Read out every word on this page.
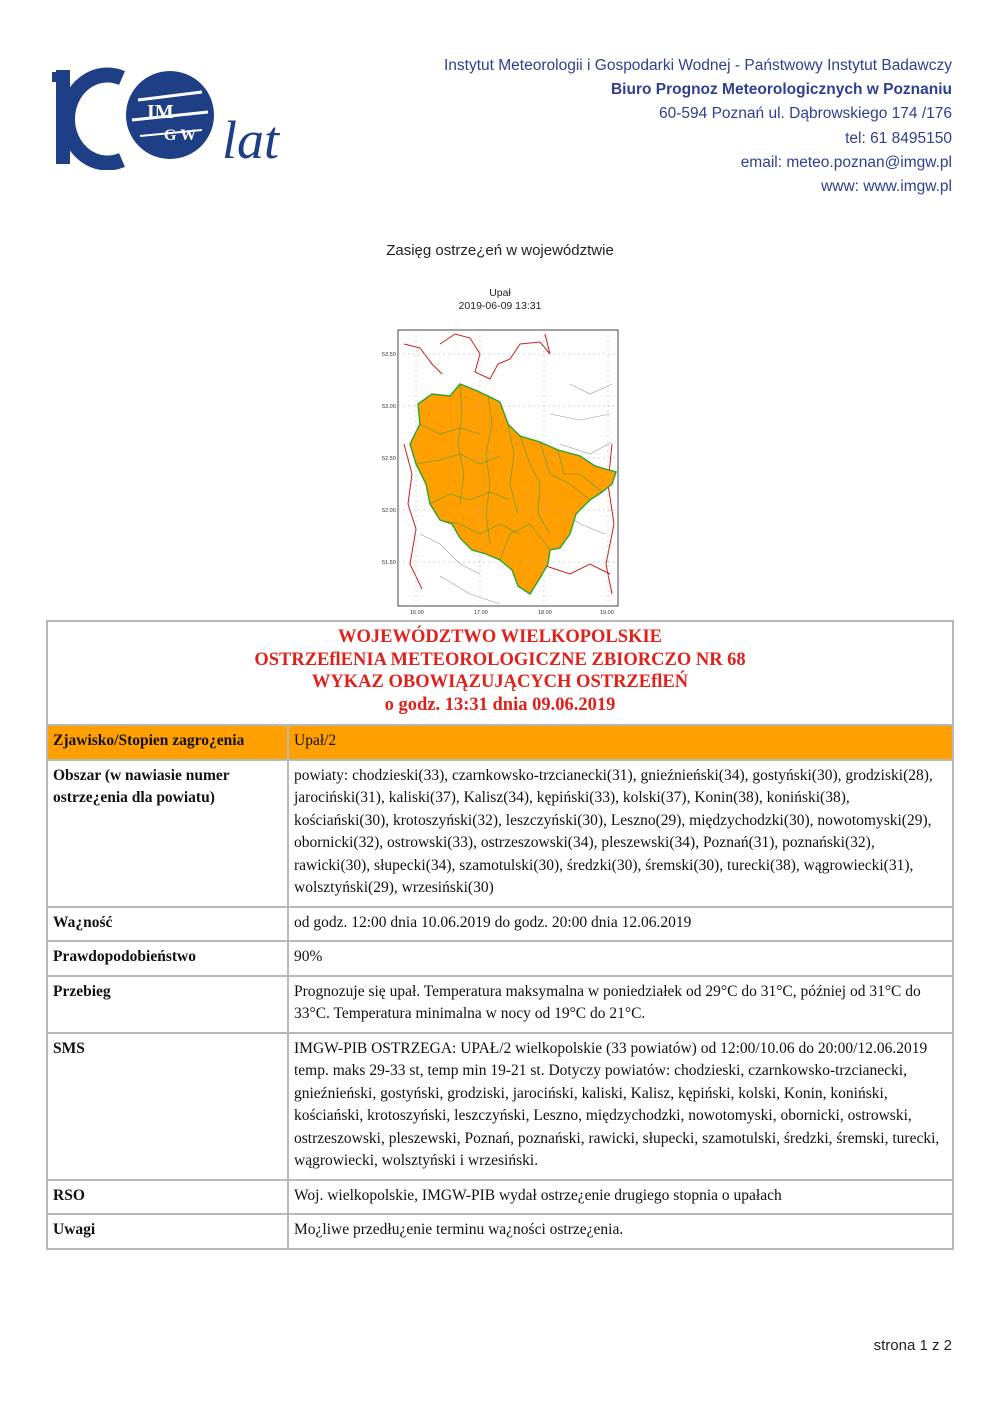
IM
G W lat
Instytut Meteorologii i Gospodarki Wodnej - Państwowy Instytut Badawczy
Biuro Prognoz Meteorologicznych w Poznaniu
60-594 Poznań ul. Dąbrowskiego 174 /176
tel: 61 8495150
email: meteo.poznan@imgw.pl
www: www.imgw.pl
Zasięg ostrze¿eń w województwie
Upał
2019-06-09 13:31
53.50
53.00
52.50
52.00
51.50
16.00	17.00	18.00	19.00
WOJEWÓDZTWO WIELKOPOLSKIE
OSTRZEflENIA METEOROLOGICZNE ZBIORCZO NR 68
WYKAZ OBOWIĄZUJĄCYCH OSTRZEflEŃ
o godz. 13:31 dnia 09.06.2019	

Zjawisko/Stopien zagro¿enia	Upał/2
Obszar (w nawiasie numer ostrze¿enia dla powiatu)	powiaty: chodzieski(33), czarnkowsko-trzcianecki(31), gnieźnieński(34), gostyński(30), grodziski(28), jarociński(31), kaliski(37), Kalisz(34), kępiński(33), kolski(37), Konin(38), koniński(38), kościański(30), krotoszyński(32), leszczyński(30), Leszno(29), międzychodzki(30), nowotomyski(29), obornicki(32), ostrowski(33), ostrzeszowski(34), pleszewski(34), Poznań(31), poznański(32), rawicki(30), słupecki(34), szamotulski(30), średzki(30), śremski(30), turecki(38), wągrowiecki(31), wolsztyński(29), wrzesiński(30)
Wa¿ność	od godz. 12:00 dnia 10.06.2019 do godz. 20:00 dnia 12.06.2019
Prawdopodobieństwo	90%
Przebieg	Prognozuje się upał. Temperatura maksymalna w poniedziałek od 29°C do 31°C, później od 31°C do 33°C. Temperatura minimalna w nocy od 19°C do 21°C.
SMS	IMGW-PIB OSTRZEGA: UPAŁ/2 wielkopolskie (33 powiatów) od 12:00/10.06 do 20:00/12.06.2019 temp. maks 29-33 st, temp min 19-21 st. Dotyczy powiatów: chodzieski, czarnkowsko-trzcianecki, gnieźnieński, gostyński, grodziski, jarociński, kaliski, Kalisz, kępiński, kolski, Konin, koniński, kościański, krotoszyński, leszczyński, Leszno, międzychodzki, nowotomyski, obornicki, ostrowski, ostrzeszowski, pleszewski, Poznań, poznański, rawicki, słupecki, szamotulski, średzki, śremski, turecki, wągrowiecki, wolsztyński i wrzesiński.
RSO	Woj. wielkopolskie, IMGW-PIB wydał ostrze¿enie drugiego stopnia o upałach
Uwagi	Mo¿liwe przedłu¿enie terminu wa¿ności ostrze¿enia.
strona 1 z 2
